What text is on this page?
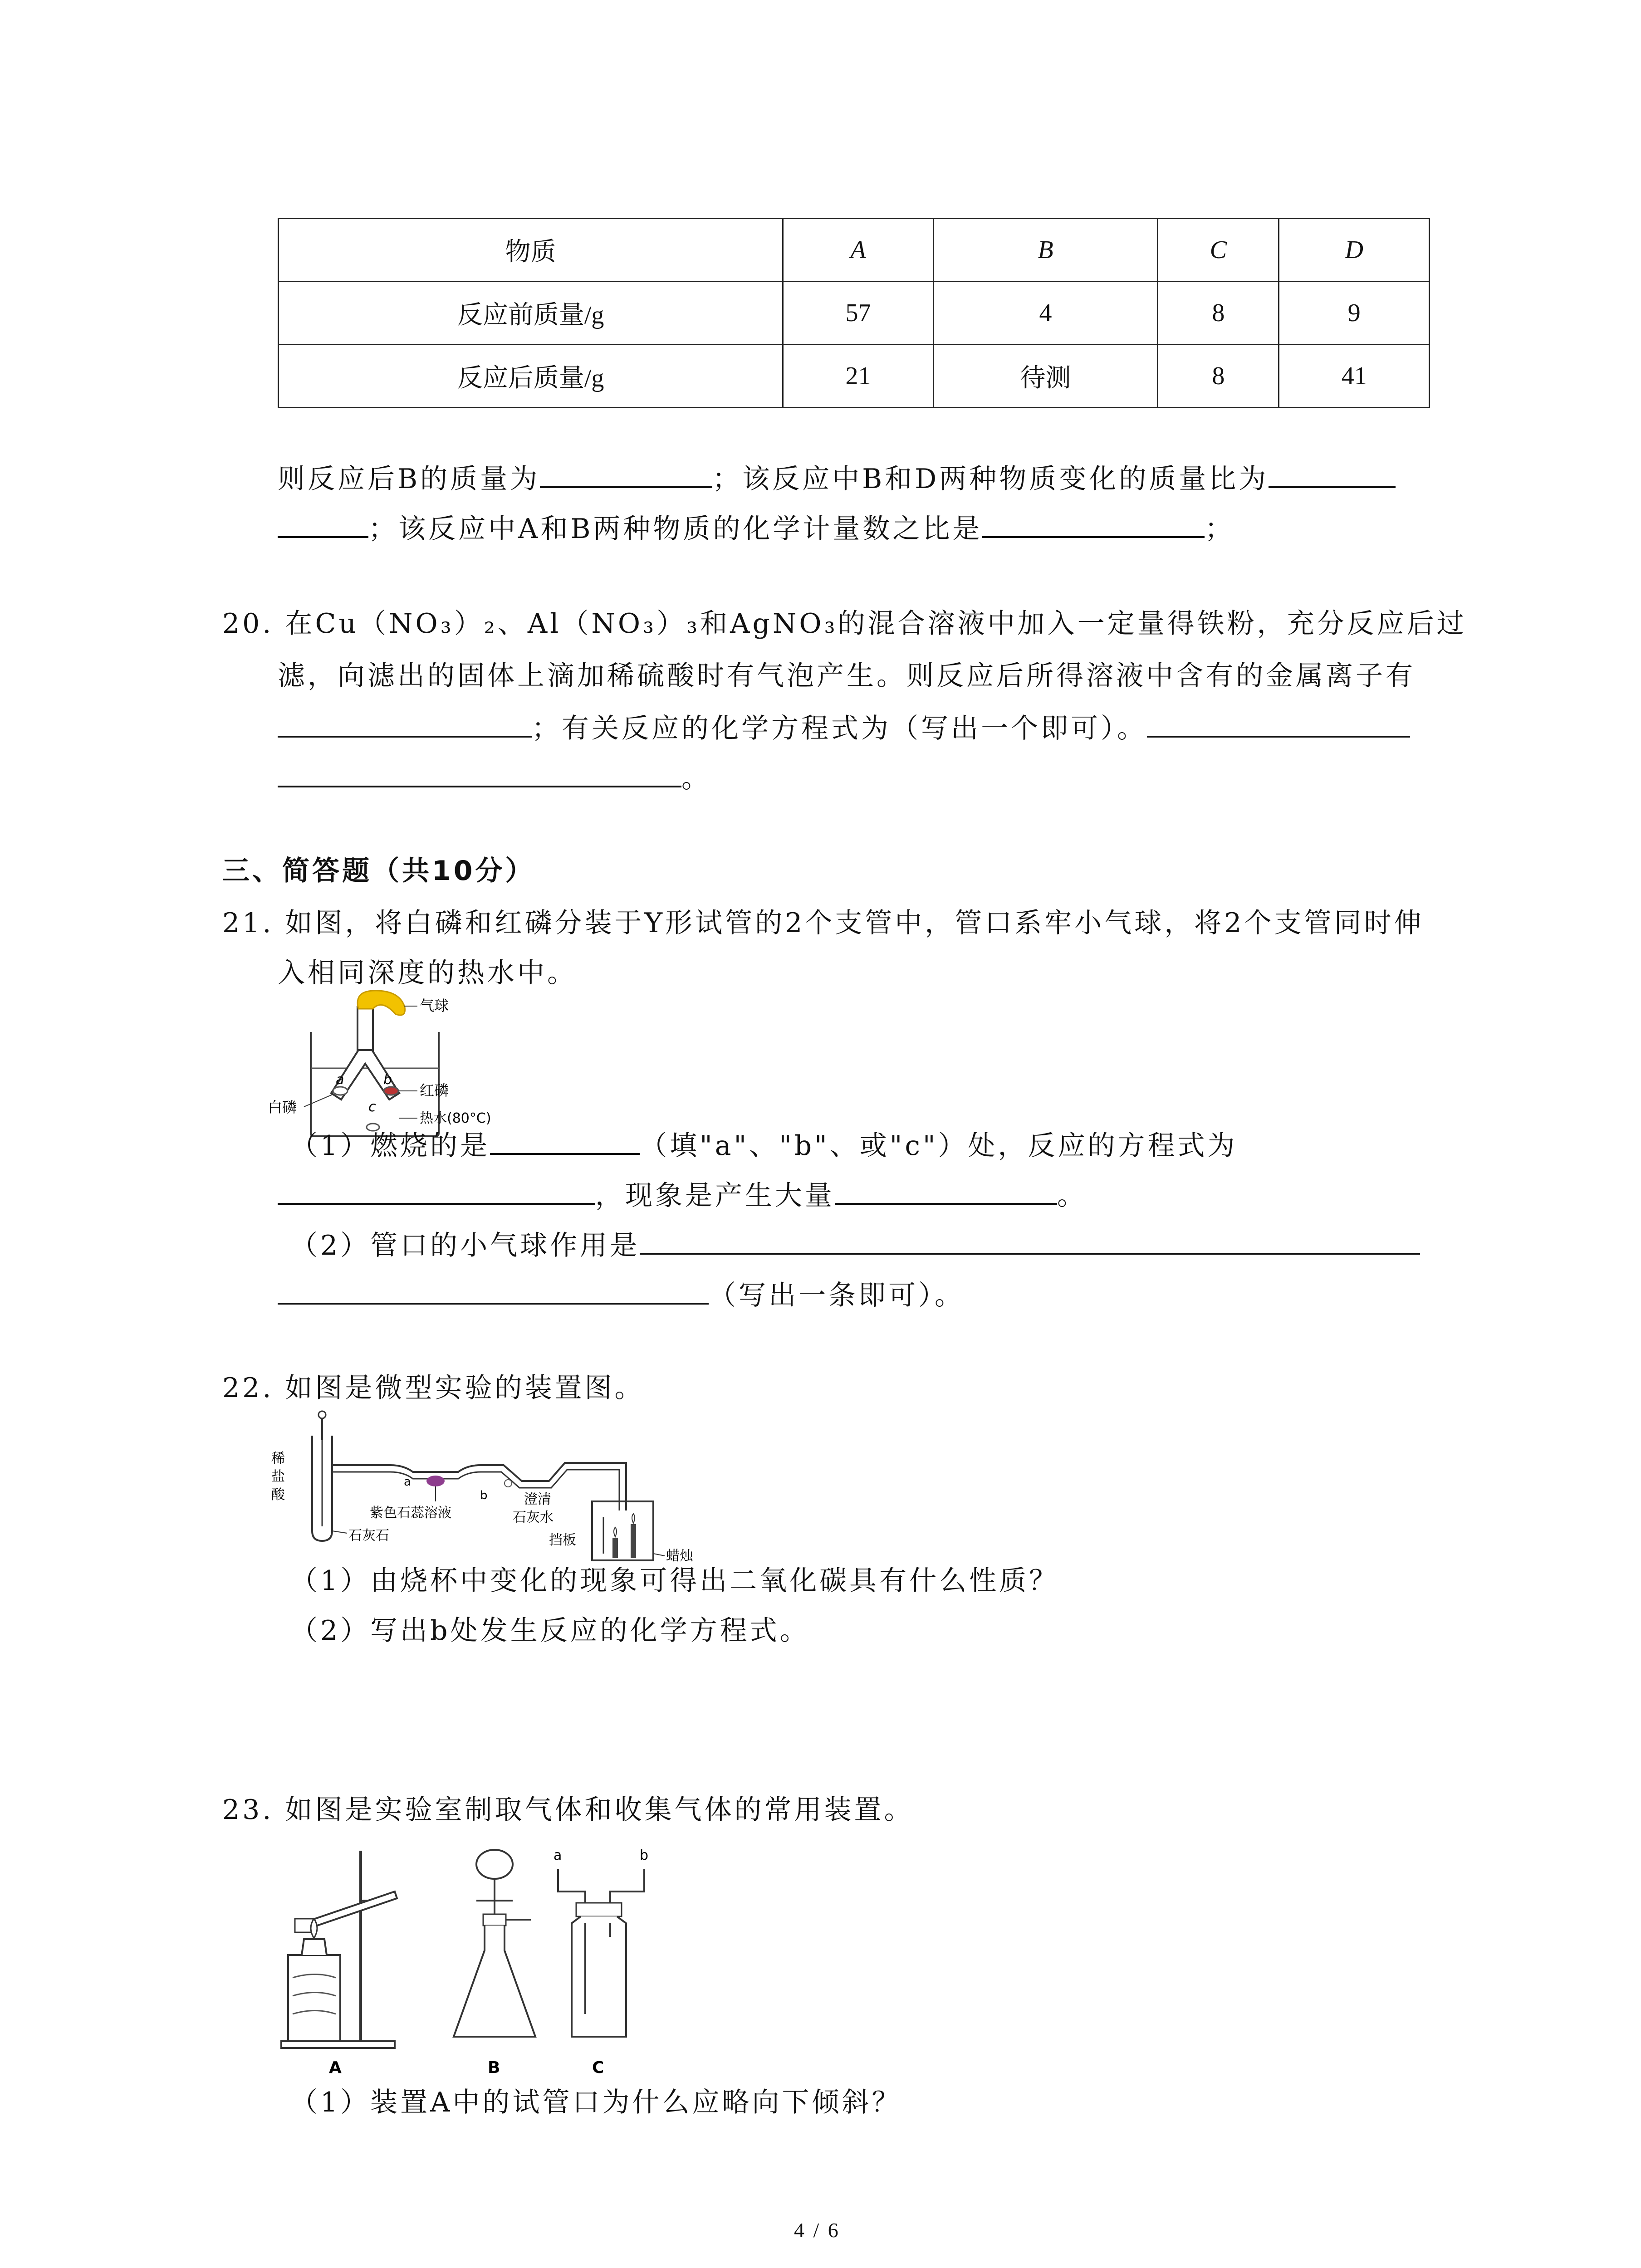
物质	A	B	C	D
反应前质量/g	57	4	8	9
反应后质量/g	21	待测	8	41
则反应后B的质量为	；该反应中B和D两种物质变化的质量比为
；该反应中A和B两种物质的化学计量数之比是	；
20. 在Cu（NO₃）₂、Al（NO₃）₃和AgNO₃的混合溶液中加入一定量得铁粉，充分反应后过
滤，向滤出的固体上滴加稀硫酸时有气泡产生。则反应后所得溶液中含有的金属离子有
；有关反应的化学方程式为（写出一个即可）。
。
三、简答题（共10分）
21. 如图，将白磷和红磷分装于Y形试管的2个支管中，管口系牢小气球，将2个支管同时伸
入相同深度的热水中。
气球
a	b
c
红磷
白磷
热水(80°C)
（1）燃烧的是	（填"a"、"b"、或"c"）处，反应的方程式为
，现象是产生大量	。
（2）管口的小气球作用是
（写出一条即可）。
22. 如图是微型实验的装置图。
稀
盐
酸
a
紫色石蕊溶液
b	澄清
石灰水
石灰石	挡板
蜡烛
（1）由烧杯中变化的现象可得出二氧化碳具有什么性质？
（2）写出b处发生反应的化学方程式。
23. 如图是实验室制取气体和收集气体的常用装置。
A	B
a	b
C
（1）装置A中的试管口为什么应略向下倾斜？
4 / 6
